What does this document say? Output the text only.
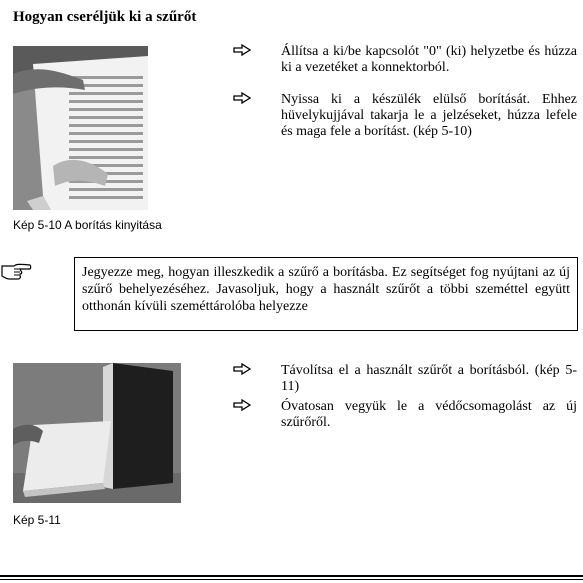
Hogyan cseréljük ki a szűrőt
Kép 5-10 A borítás kinyitása
Állítsa a ki/be kapcsolót "0" (ki) helyzetbe és húzza ki a vezetéket a konnektorból.
Nyissa ki a készülék elülső borítását. Ehhez hüvelykujjával takarja le a jelzéseket, húzza lefele és maga fele a borítást. (kép 5-10)
Jegyezze meg, hogyan illeszkedik a szűrő a borításba. Ez segítséget fog nyújtani az új szűrő behelyezéséhez. Javasoljuk, hogy a használt szűrőt a többi szeméttel együtt otthonán kívüli szeméttárolóba helyezze
Kép 5-11
Távolítsa el a használt szűrőt a borításból. (kép 5-11)
Óvatosan vegyük le a védőcsomagolást az új szűrőről.
